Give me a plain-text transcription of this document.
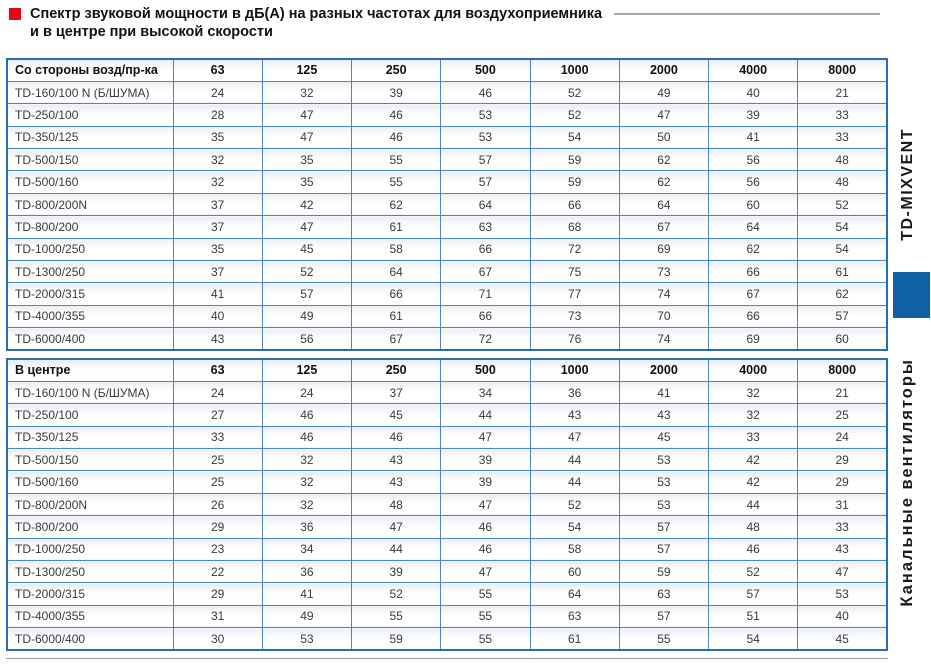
Спектр звуковой мощности в дБ(А) на разных частотах для воздухоприемника
и в центре при высокой скорости
Со стороны возд/пр-ка	63	125	250	500	1000	2000	4000	8000
TD-160/100 N (Б/ШУМА)	24	32	39	46	52	49	40	21
TD-250/100	28	47	46	53	52	47	39	33
TD-350/125	35	47	46	53	54	50	41	33
TD-500/150	32	35	55	57	59	62	56	48
TD-500/160	32	35	55	57	59	62	56	48
TD-800/200N	37	42	62	64	66	64	60	52
TD-800/200	37	47	61	63	68	67	64	54
TD-1000/250	35	45	58	66	72	69	62	54
TD-1300/250	37	52	64	67	75	73	66	61
TD-2000/315	41	57	66	71	77	74	67	62
TD-4000/355	40	49	61	66	73	70	66	57
TD-6000/400	43	56	67	72	76	74	69	60
В центре	63	125	250	500	1000	2000	4000	8000
TD-160/100 N (Б/ШУМА)	24	24	37	34	36	41	32	21
TD-250/100	27	46	45	44	43	43	32	25
TD-350/125	33	46	46	47	47	45	33	24
TD-500/150	25	32	43	39	44	53	42	29
TD-500/160	25	32	43	39	44	53	42	29
TD-800/200N	26	32	48	47	52	53	44	31
TD-800/200	29	36	47	46	54	57	48	33
TD-1000/250	23	34	44	46	58	57	46	43
TD-1300/250	22	36	39	47	60	59	52	47
TD-2000/315	29	41	52	55	64	63	57	53
TD-4000/355	31	49	55	55	63	57	51	40
TD-6000/400	30	53	59	55	61	55	54	45
TD-MIXVENT
Канальные вентиляторы
